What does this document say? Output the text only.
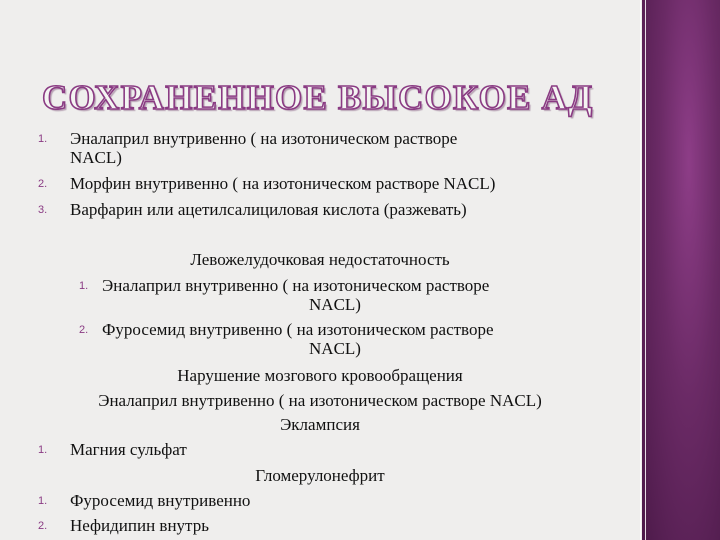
СОХРАНЕННОЕ ВЫСОКОЕ АД
1. Эналаприл внутривенно ( на изотоническом растворе
NACL)
2. Морфин внутривенно ( на изотоническом растворе NACL)
3. Варфарин или ацетилсалициловая кислота (разжевать)
Левожелудочковая недостаточность
1. Эналаприл внутривенно ( на изотоническом растворе
NACL)
2. Фуросемид внутривенно ( на изотоническом растворе
NACL)
Нарушение мозгового кровообращения
Эналаприл внутривенно ( на изотоническом растворе NACL)
Эклампсия
1. Магния сульфат
Гломерулонефрит
1. Фуросемид внутривенно
2. Нефидипин внутрь
